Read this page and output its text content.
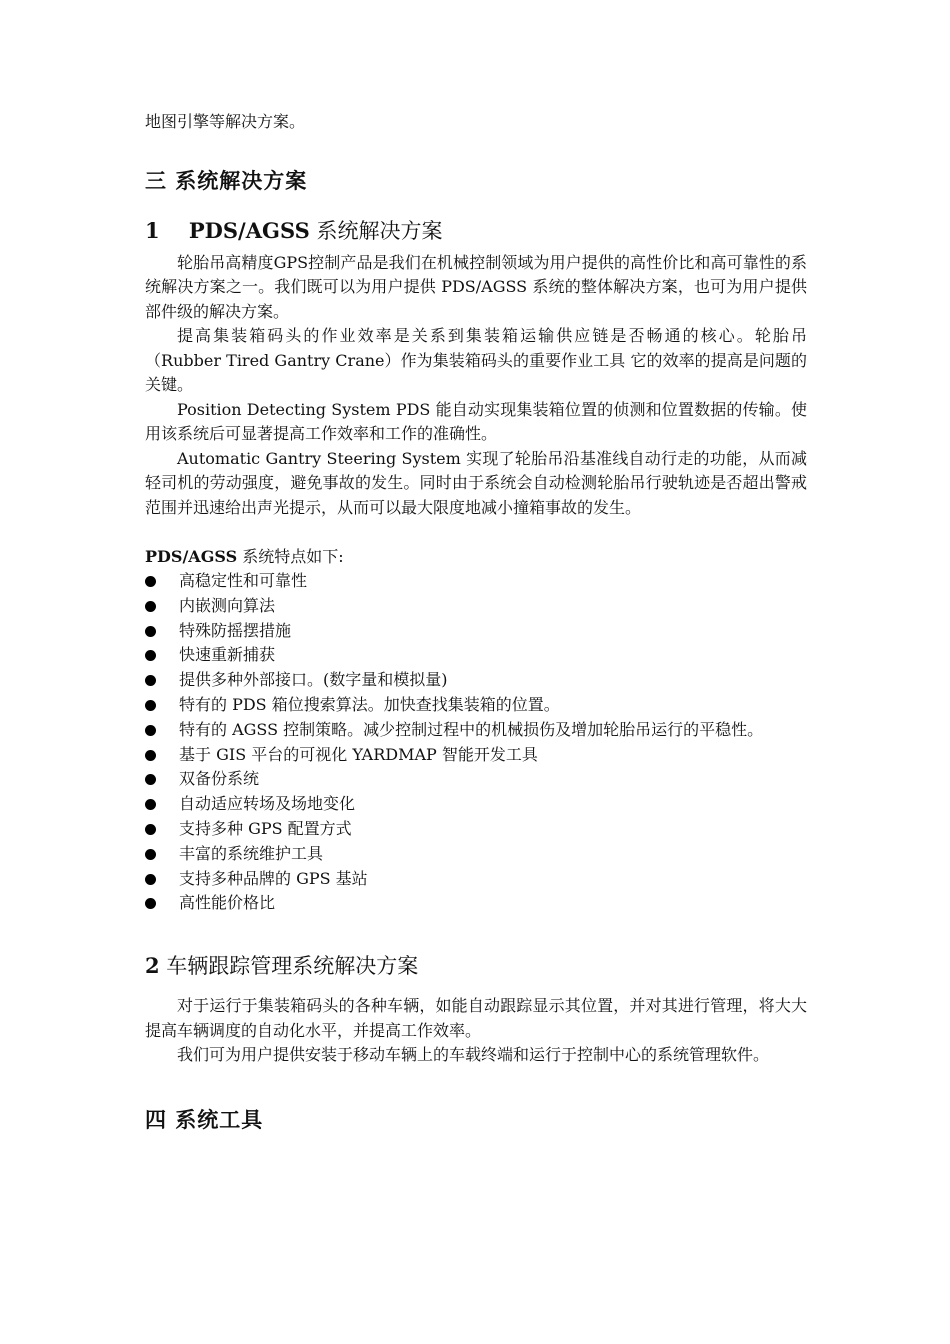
地图引擎等解决方案。

三 系统解决方案
1 PDS/AGSS 系统解决方案

轮胎吊高精度GPS控制产品是我们在机械控制领域为用户提供的高性价比和高可靠性的系统解决方案之一。我们既可以为用户提供 PDS/AGSS 系统的整体解决方案，也可为用户提供部件级的解决方案。

提高集装箱码头的作业效率是关系到集装箱运输供应链是否畅通的核心。轮胎吊（Rubber Tired Gantry Crane）作为集装箱码头的重要作业工具 它的效率的提高是问题的关键。

Position Detecting System PDS 能自动实现集装箱位置的侦测和位置数据的传输。使用该系统后可显著提高工作效率和工作的准确性。

Automatic Gantry Steering System 实现了轮胎吊沿基准线自动行走的功能，从而减轻司机的劳动强度，避免事故的发生。同时由于系统会自动检测轮胎吊行驶轨迹是否超出警戒范围并迅速给出声光提示，从而可以最大限度地减小撞箱事故的发生。

PDS/AGSS 系统特点如下:

高稳定性和可靠性
内嵌测向算法
特殊防摇摆措施
快速重新捕获
提供多种外部接口。(数字量和模拟量)
特有的 PDS 箱位搜索算法。加快查找集装箱的位置。
特有的 AGSS 控制策略。减少控制过程中的机械损伤及增加轮胎吊运行的平稳性。
基于 GIS 平台的可视化 YARDMAP 智能开发工具
双备份系统
自动适应转场及场地变化
支持多种 GPS 配置方式
丰富的系统维护工具
支持多种品牌的 GPS 基站
高性能价格比
2 车辆跟踪管理系统解决方案

对于运行于集装箱码头的各种车辆，如能自动跟踪显示其位置，并对其进行管理，将大大提高车辆调度的自动化水平，并提高工作效率。

我们可为用户提供安装于移动车辆上的车载终端和运行于控制中心的系统管理软件。

四 系统工具
